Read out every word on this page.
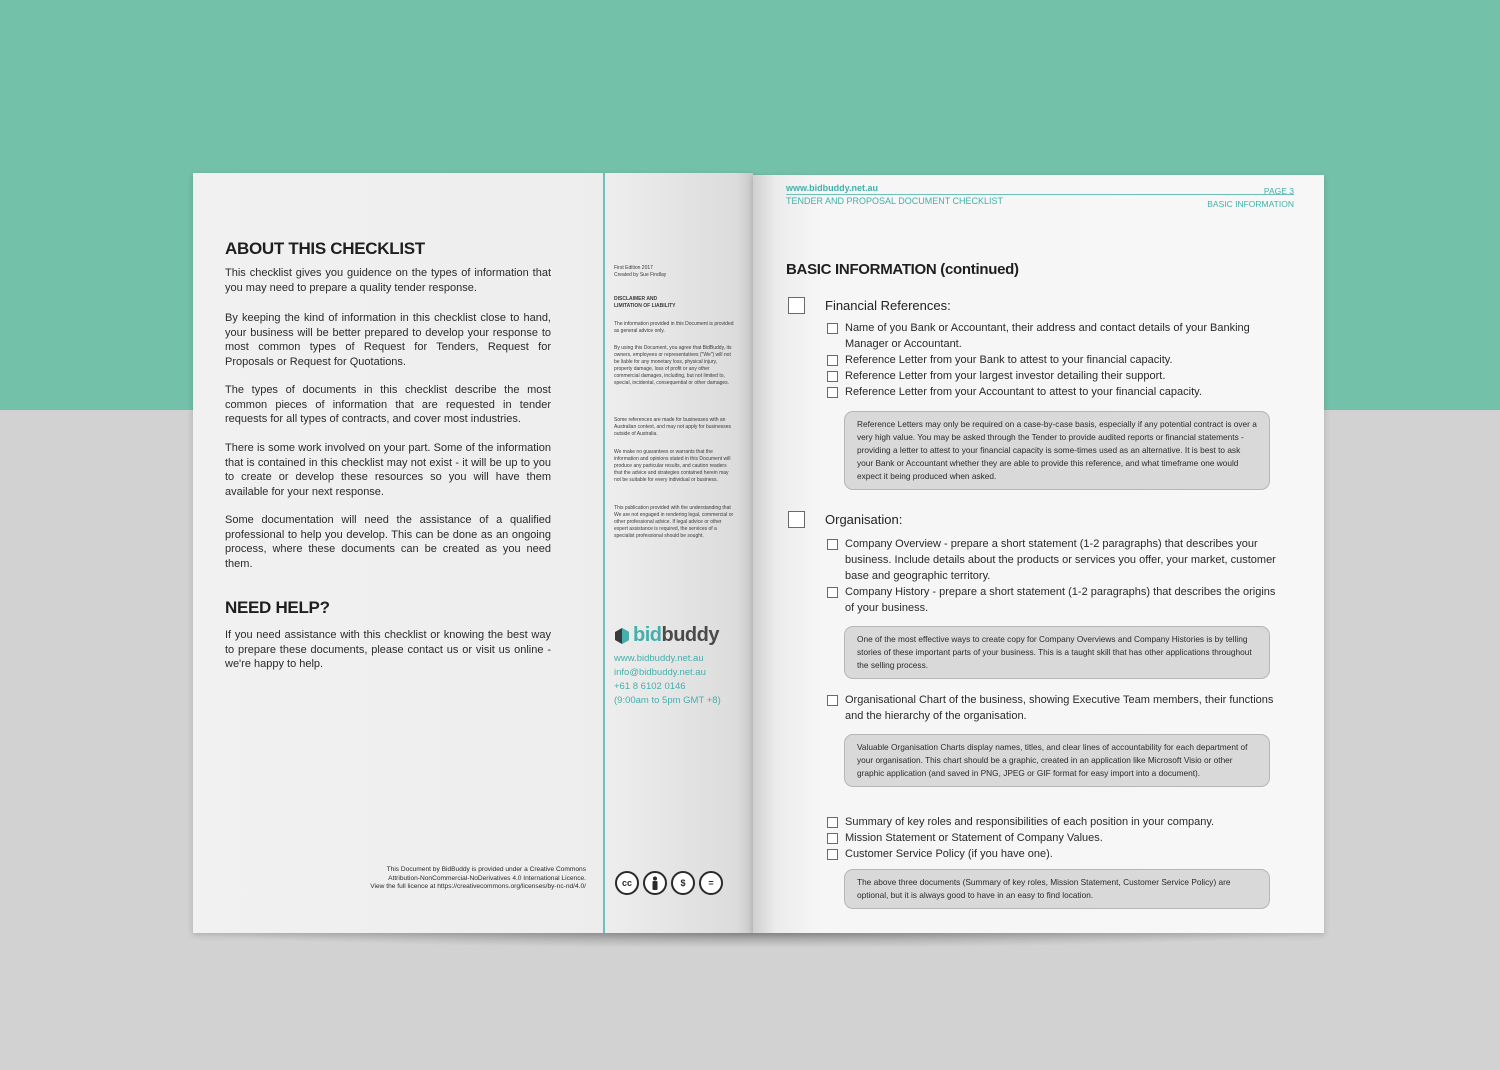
ABOUT THIS CHECKLIST

This checklist gives you guidence on the types of information that you may need to prepare a quality tender response.

By keeping the kind of information in this checklist close to hand, your business will be better prepared to develop your response to most common types of Request for Tenders, Request for Proposals or Request for Quotations.

The types of documents in this checklist describe the most common pieces of information that are requested in tender requests for all types of contracts, and cover most industries.

There is some work involved on your part. Some of the information that is contained in this checklist may not exist - it will be up to you to create or develop these resources so you will have them available for your next response.

Some documentation will need the assistance of a qualified professional to help you develop. This can be done as an ongoing process, where these documents can be created as you need them.

NEED HELP?

If you need assistance with this checklist or knowing the best way to prepare these documents, please contact us or visit us online - we're happy to help.

This Document by BidBuddy is provided under a Creative Commons
Attribution-NonCommercial-NoDerivatives 4.0 International Licence.
View the full licence at https://creativecommons.org/licenses/by-nc-nd/4.0/
First Edition 2017
Created by Sue Findlay
DISCLAIMER AND
LIMITATION OF LIABILITY
The information provided in this Document is provided as general advice only.
By using this Document, you agree that BidBuddy, its owners, employees or representatives ("We") will not be liable for any monetary loss, physical injury, property damage, loss of profit or any other commercial damages, including, but not limited to, special, incidental, consequential or other damages.
Some references are made for businesses with an Australian context, and may not apply for businesses outside of Australia.
We make no guarantees or warrants that the information and opinions stated in this Document will produce any particular results, and caution readers that the advice and strategies contained herein may not be suitable for every individual or business.
This publication provided with the understanding that We are not engaged in rendering legal, commercial or other professional advice. If legal advice or other expert assistance is required, the services of a specialist professional should be sought.
bidbuddy
www.bidbuddy.net.au
info@bidbuddy.net.au
+61 8 6102 0146
(9:00am to 5pm GMT +8)
cc	$	=
www.bidbuddy.net.au
TENDER AND PROPOSAL DOCUMENT CHECKLIST
PAGE 3
BASIC INFORMATION
BASIC INFORMATION (continued)
Financial References:
Name of you Bank or Accountant, their address and contact details of your Banking Manager or Accountant.
Reference Letter from your Bank to attest to your financial capacity.
Reference Letter from your largest investor detailing their support.
Reference Letter from your Accountant to attest to your financial capacity.
Reference Letters may only be required on a case-by-case basis, especially if any potential contract is over a very high value. You may be asked through the Tender to provide audited reports or financial statements - providing a letter to attest to your financial capacity is some-times used as an alternative. It is best to ask your Bank or Accountant whether they are able to provide this reference, and what timeframe one would expect it being produced when asked.
Organisation:
Company Overview - prepare a short statement (1-2 paragraphs) that describes your business. Include details about the products or services you offer, your market, customer base and geographic territory.
Company History - prepare a short statement (1-2 paragraphs) that describes the origins of your business.
One of the most effective ways to create copy for Company Overviews and Company Histories is by telling stories of these important parts of your business. This is a taught skill that has other applications throughout the selling process.
Organisational Chart of the business, showing Executive Team members, their functions and the hierarchy of the organisation.
Valuable Organisation Charts display names, titles, and clear lines of accountability for each department of your organisation. This chart should be a graphic, created in an application like Microsoft Visio or other graphic application (and saved in PNG, JPEG or GIF format for easy import into a document).
Summary of key roles and responsibilities of each position in your company.
Mission Statement or Statement of Company Values.
Customer Service Policy (if you have one).
The above three documents (Summary of key roles, Mission Statement, Customer Service Policy) are optional, but it is always good to have in an easy to find location.
